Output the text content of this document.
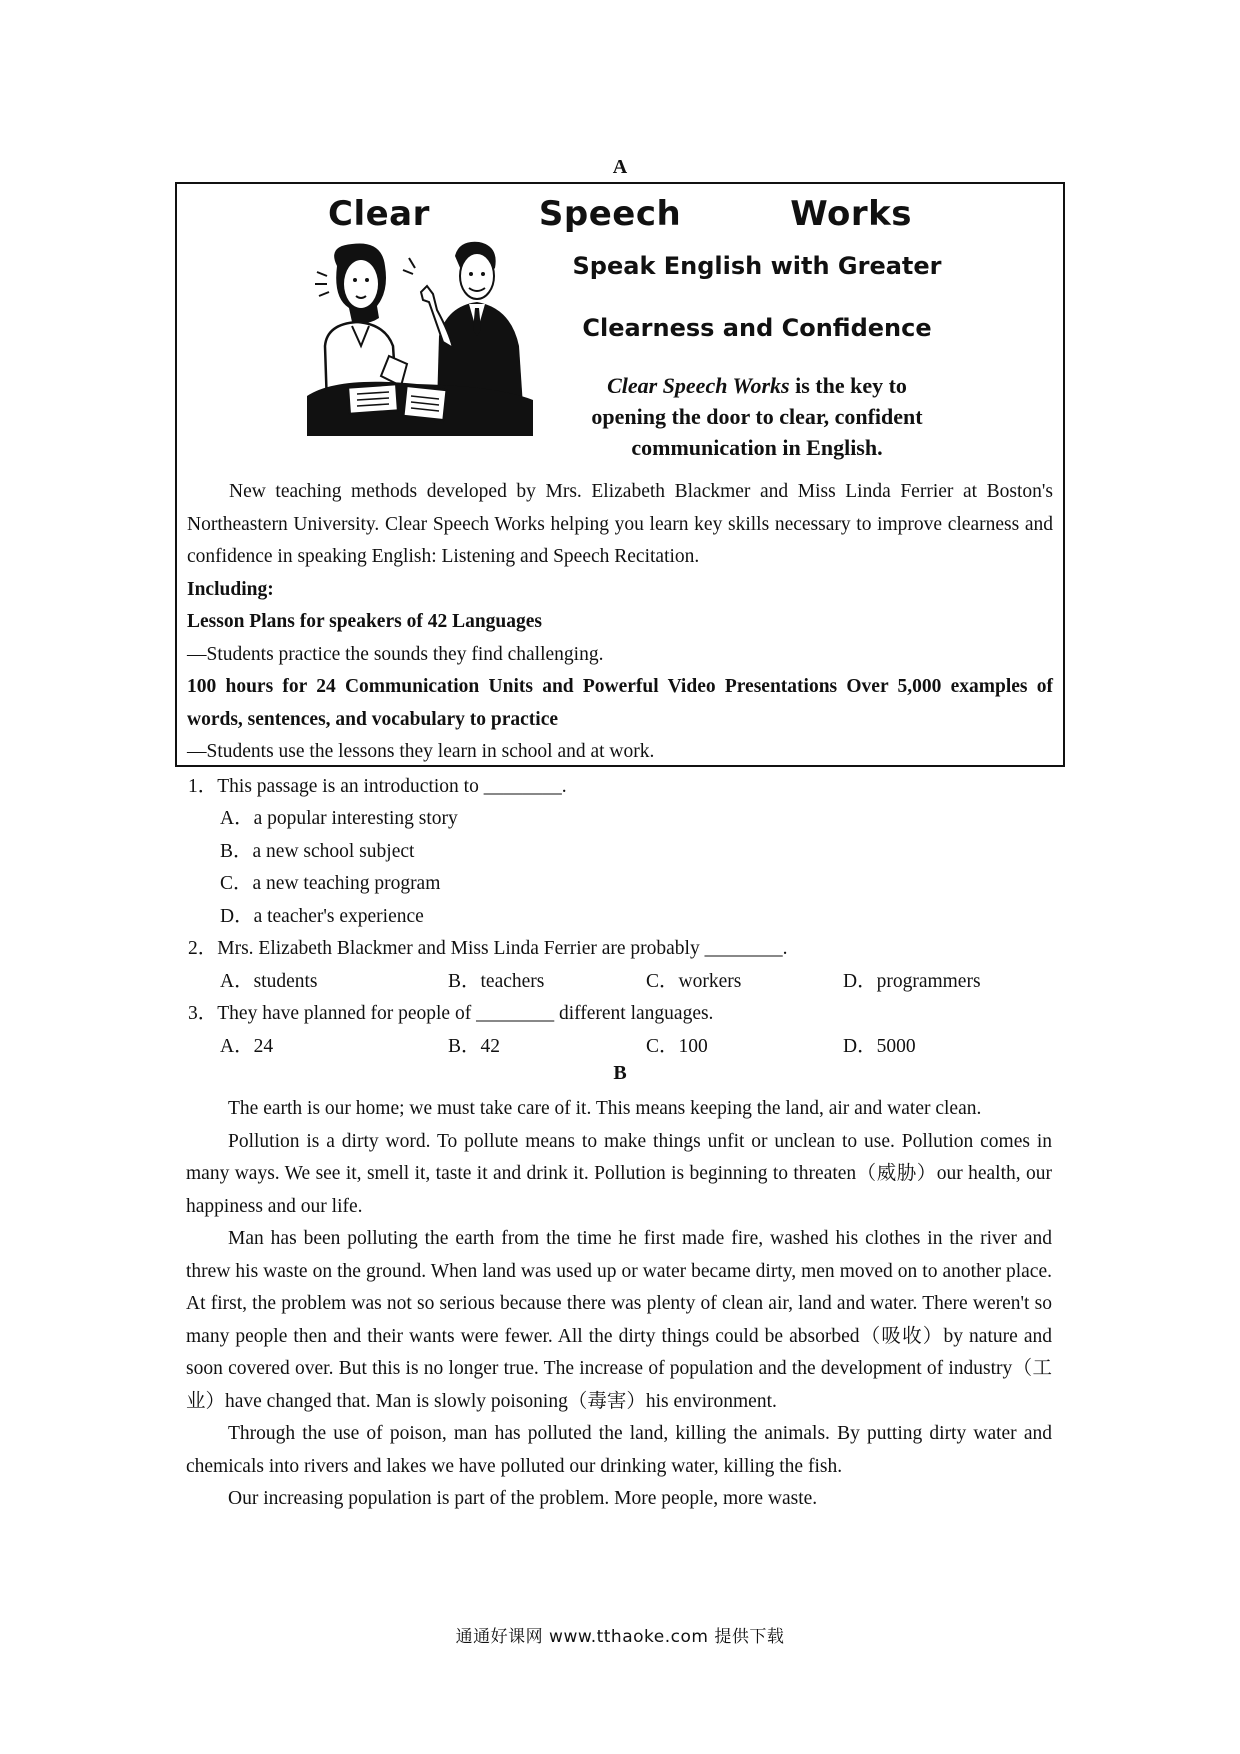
A
Clear   Speech   Works
Speak English with Greater
Clearness and Confidence
Clear Speech Works is the key to
opening the door to clear, confident
communication in English.

New teaching methods developed by Mrs. Elizabeth Blackmer and Miss Linda Ferrier at Boston's Northeastern University. Clear Speech Works helping you learn key skills necessary to improve clearness and confidence in speaking English: Listening and Speech Recitation.

Including:

Lesson Plans for speakers of 42 Languages

—Students practice the sounds they find challenging.

100 hours for 24 Communication Units and Powerful Video Presentations Over 5,000 examples of words, sentences, and vocabulary to practice

—Students use the lessons they learn in school and at work.

1．This passage is an introduction to ________.
A．a popular interesting story
B．a new school subject
C．a new teaching program
D．a teacher's experience
2．Mrs. Elizabeth Blackmer and Miss Linda Ferrier are probably ________.
A．students	B．teachers	C．workers	D．programmers
3．They have planned for people of ________ different languages.
A．24	B．42	C．100	D．5000
B

The earth is our home; we must take care of it. This means keeping the land, air and water clean.

Pollution is a dirty word. To pollute means to make things unfit or unclean to use. Pollution comes in many ways. We see it, smell it, taste it and drink it. Pollution is beginning to threaten（威胁）our health, our happiness and our life.

Man has been polluting the earth from the time he first made fire, washed his clothes in the river and threw his waste on the ground. When land was used up or water became dirty, men moved on to another place. At first, the problem was not so serious because there was plenty of clean air, land and water. There weren't so many people then and their wants were fewer. All the dirty things could be absorbed（吸收）by nature and soon covered over. But this is no longer true. The increase of population and the development of industry（工业）have changed that. Man is slowly poisoning（毒害）his environment.

Through the use of poison, man has polluted the land, killing the animals. By putting dirty water and chemicals into rivers and lakes we have polluted our drinking water, killing the fish.

Our increasing population is part of the problem. More people, more waste.

通通好课网 www.tthaoke.com 提供下载
